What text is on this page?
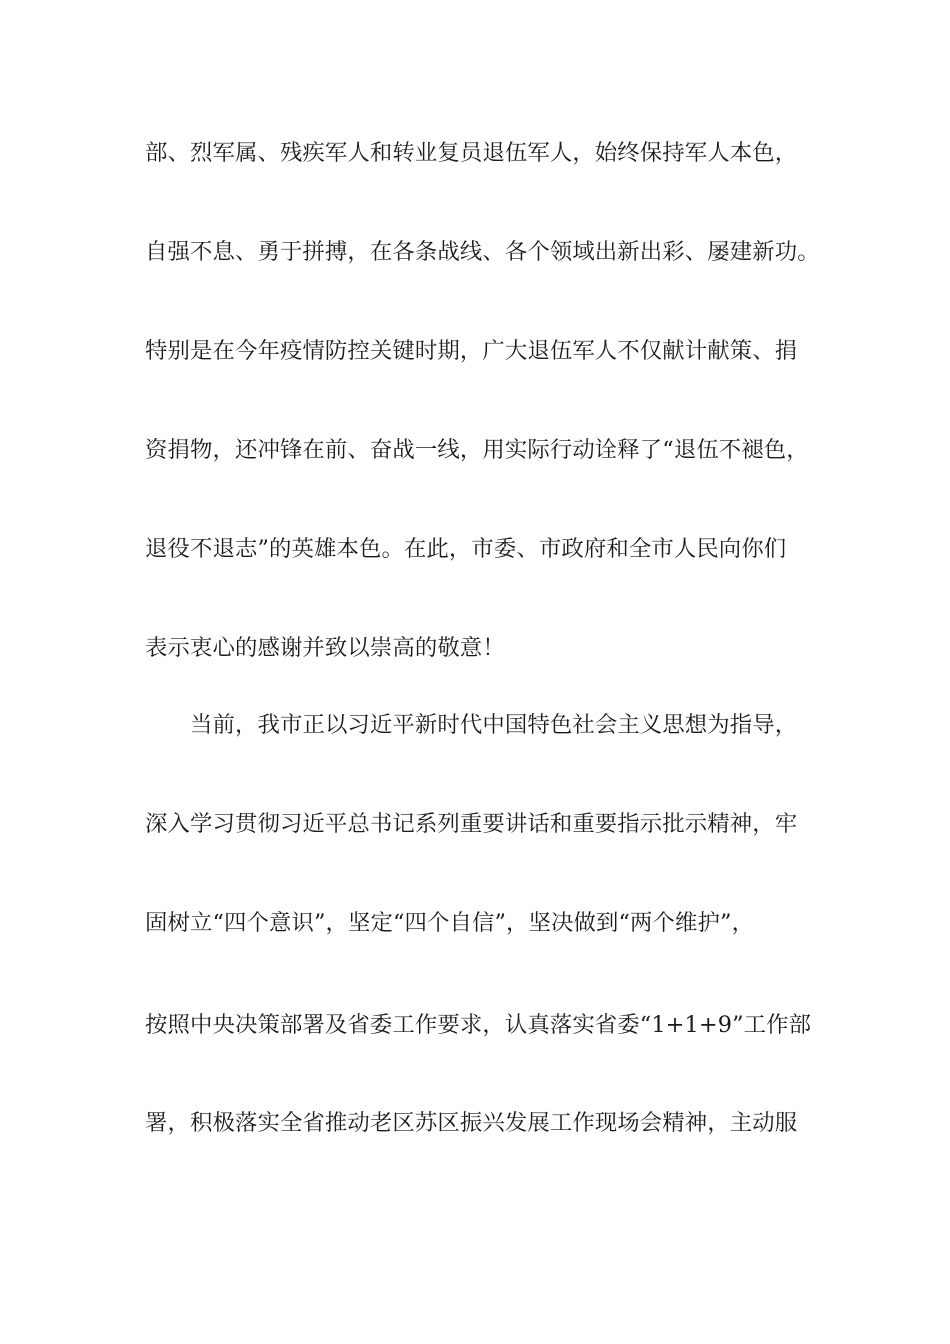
部、烈军属、残疾军人和转业复员退伍军人，始终保持军人本色，
自强不息、勇于拼搏，在各条战线、各个领域出新出彩、屡建新功。
特别是在今年疫情防控关键时期，广大退伍军人不仅献计献策、捐
资捐物，还冲锋在前、奋战一线，用实际行动诠释了“退伍不褪色，
退役不退志”的英雄本色。在此，市委、市政府和全市人民向你们
表示衷心的感谢并致以崇高的敬意！
当前，我市正以习近平新时代中国特色社会主义思想为指导，
深入学习贯彻习近平总书记系列重要讲话和重要指示批示精神，牢
固树立“四个意识”，坚定“四个自信”，坚决做到“两个维护”，
按照中央决策部署及省委工作要求，认真落实省委“1+1+9”工作部
署，积极落实全省推动老区苏区振兴发展工作现场会精神，主动服
